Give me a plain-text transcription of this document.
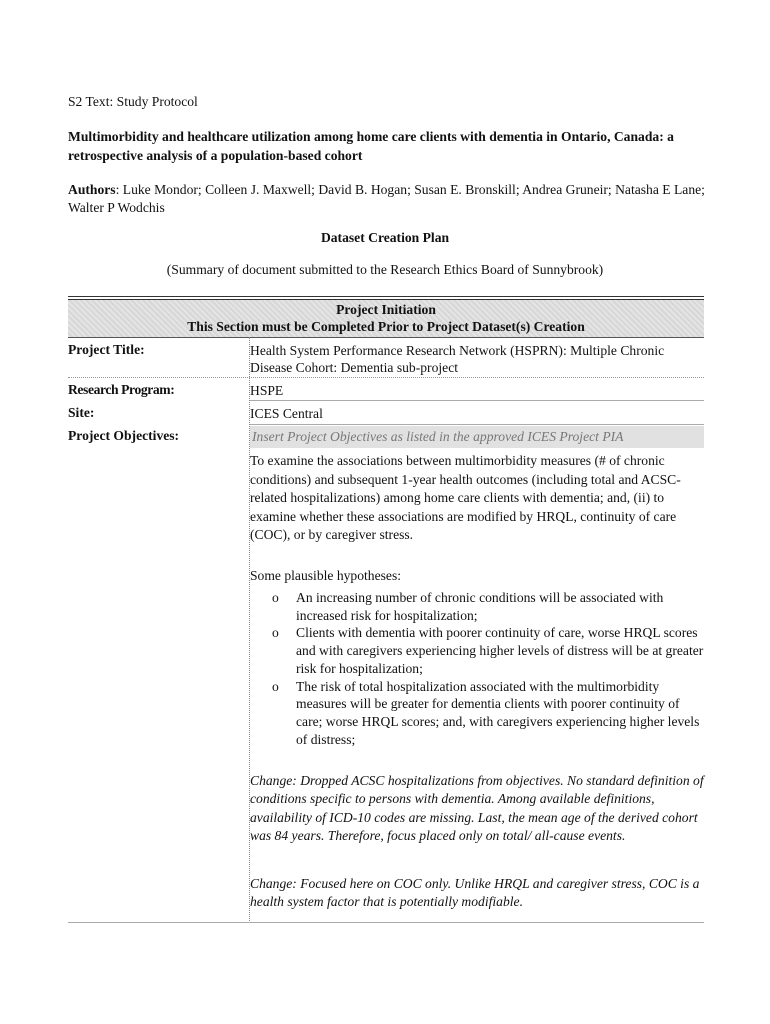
S2 Text: Study Protocol
Multimorbidity and healthcare utilization among home care clients with dementia in Ontario, Canada: a retrospective analysis of a population-based cohort
Authors: Luke Mondor; Colleen J. Maxwell; David B. Hogan; Susan E. Bronskill; Andrea Gruneir; Natasha E Lane; Walter P Wodchis
Dataset Creation Plan
(Summary of document submitted to the Research Ethics Board of Sunnybrook)
Project Initiation
This Section must be Completed Prior to Project Dataset(s) Creation
Project Title:	Health System Performance Research Network (HSPRN): Multiple Chronic Disease Cohort: Dementia sub-project
Research Program:	HSPE
Site:	ICES Central
Project Objectives:	Insert Project Objectives as listed in the approved ICES Project PIA
To examine the associations between multimorbidity measures (# of chronic conditions) and subsequent 1-year health outcomes (including total and ACSC-related hospitalizations) among home care clients with dementia; and, (ii) to examine whether these associations are modified by HRQL, continuity of care (COC), or by caregiver stress.
Some plausible hypotheses:
o An increasing number of chronic conditions will be associated with increased risk for hospitalization;
o Clients with dementia with poorer continuity of care, worse HRQL scores and with caregivers experiencing higher levels of distress will be at greater risk for hospitalization;
o The risk of total hospitalization associated with the multimorbidity measures will be greater for dementia clients with poorer continuity of care; worse HRQL scores; and, with caregivers experiencing higher levels of distress;
Change: Dropped ACSC hospitalizations from objectives. No standard definition of conditions specific to persons with dementia. Among available definitions, availability of ICD-10 codes are missing. Last, the mean age of the derived cohort was 84 years. Therefore, focus placed only on total/ all-cause events.
Change: Focused here on COC only. Unlike HRQL and caregiver stress, COC is a health system factor that is potentially modifiable.
